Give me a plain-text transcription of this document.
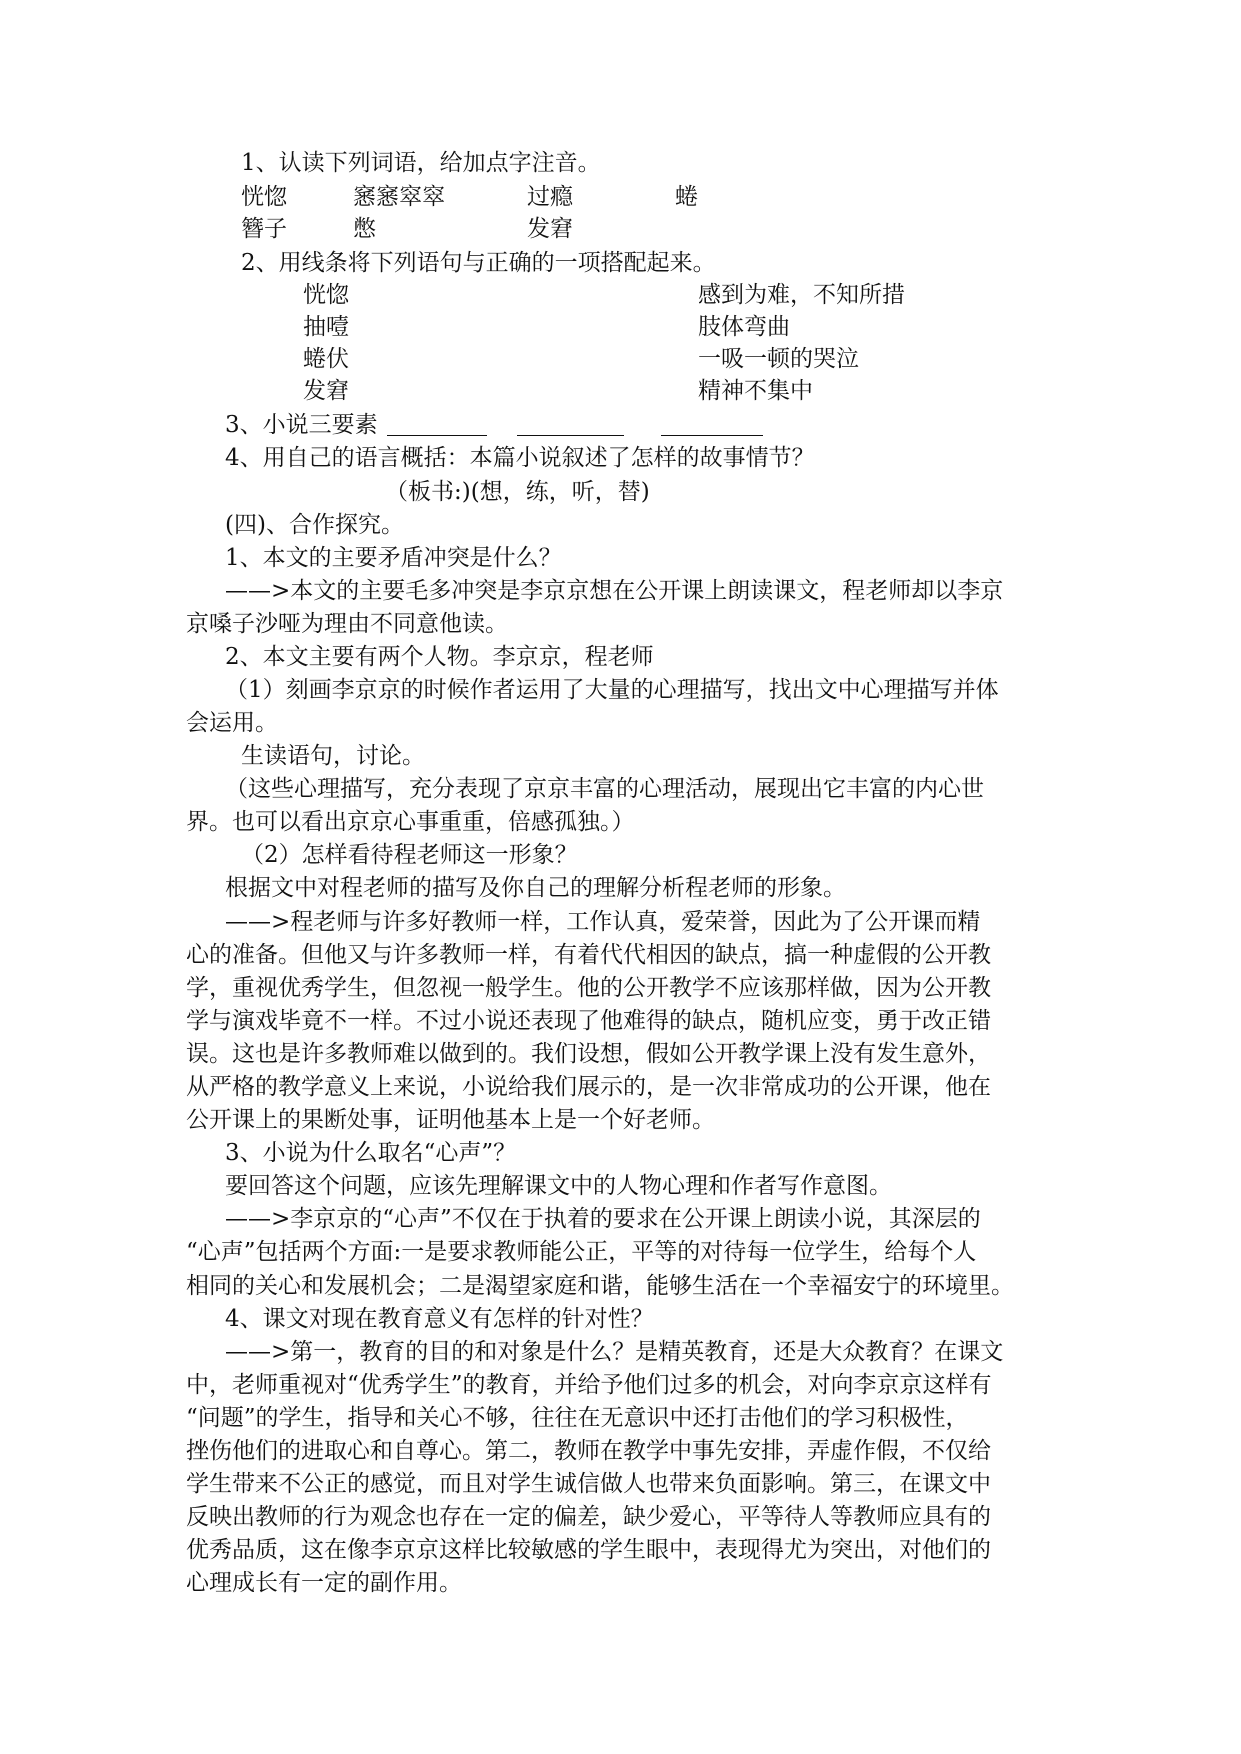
1、认读下列词语，给加点字注音。
恍惚	窸窸窣窣	过瘾	蜷
簪子	憋	发窘
2、用线条将下列语句与正确的一项搭配起来。
恍惚	感到为难，不知所措
抽噎	肢体弯曲
蜷伏	一吸一顿的哭泣
发窘	精神不集中
3、小说三要素
4、用自己的语言概括：本篇小说叙述了怎样的故事情节？
（板书:)(想，练，听，替)
(四)、合作探究。
1、本文的主要矛盾冲突是什么？
——>本文的主要毛多冲突是李京京想在公开课上朗读课文，程老师却以李京
京嗓子沙哑为理由不同意他读。
2、本文主要有两个人物。李京京，程老师
（1）刻画李京京的时候作者运用了大量的心理描写，找出文中心理描写并体
会运用。
生读语句，讨论。
（这些心理描写，充分表现了京京丰富的心理活动，展现出它丰富的内心世
界。也可以看出京京心事重重，倍感孤独。）
（2）怎样看待程老师这一形象？
根据文中对程老师的描写及你自己的理解分析程老师的形象。
——>程老师与许多好教师一样，工作认真，爱荣誉，因此为了公开课而精
心的准备。但他又与许多教师一样，有着代代相因的缺点，搞一种虚假的公开教
学，重视优秀学生，但忽视一般学生。他的公开教学不应该那样做，因为公开教
学与演戏毕竟不一样。不过小说还表现了他难得的缺点，随机应变，勇于改正错
误。这也是许多教师难以做到的。我们设想，假如公开教学课上没有发生意外，
从严格的教学意义上来说，小说给我们展示的，是一次非常成功的公开课，他在
公开课上的果断处事，证明他基本上是一个好老师。
3、小说为什么取名“心声”？
要回答这个问题，应该先理解课文中的人物心理和作者写作意图。
——>李京京的“心声”不仅在于执着的要求在公开课上朗读小说，其深层的
“心声”包括两个方面:一是要求教师能公正，平等的对待每一位学生，给每个人
相同的关心和发展机会；二是渴望家庭和谐，能够生活在一个幸福安宁的环境里。
4、课文对现在教育意义有怎样的针对性？
——>第一，教育的目的和对象是什么？是精英教育，还是大众教育？在课文
中，老师重视对“优秀学生”的教育，并给予他们过多的机会，对向李京京这样有
“问题”的学生，指导和关心不够，往往在无意识中还打击他们的学习积极性，
挫伤他们的进取心和自尊心。第二，教师在教学中事先安排，弄虚作假，不仅给
学生带来不公正的感觉，而且对学生诚信做人也带来负面影响。第三，在课文中
反映出教师的行为观念也存在一定的偏差，缺少爱心，平等待人等教师应具有的
优秀品质，这在像李京京这样比较敏感的学生眼中，表现得尤为突出，对他们的
心理成长有一定的副作用。
